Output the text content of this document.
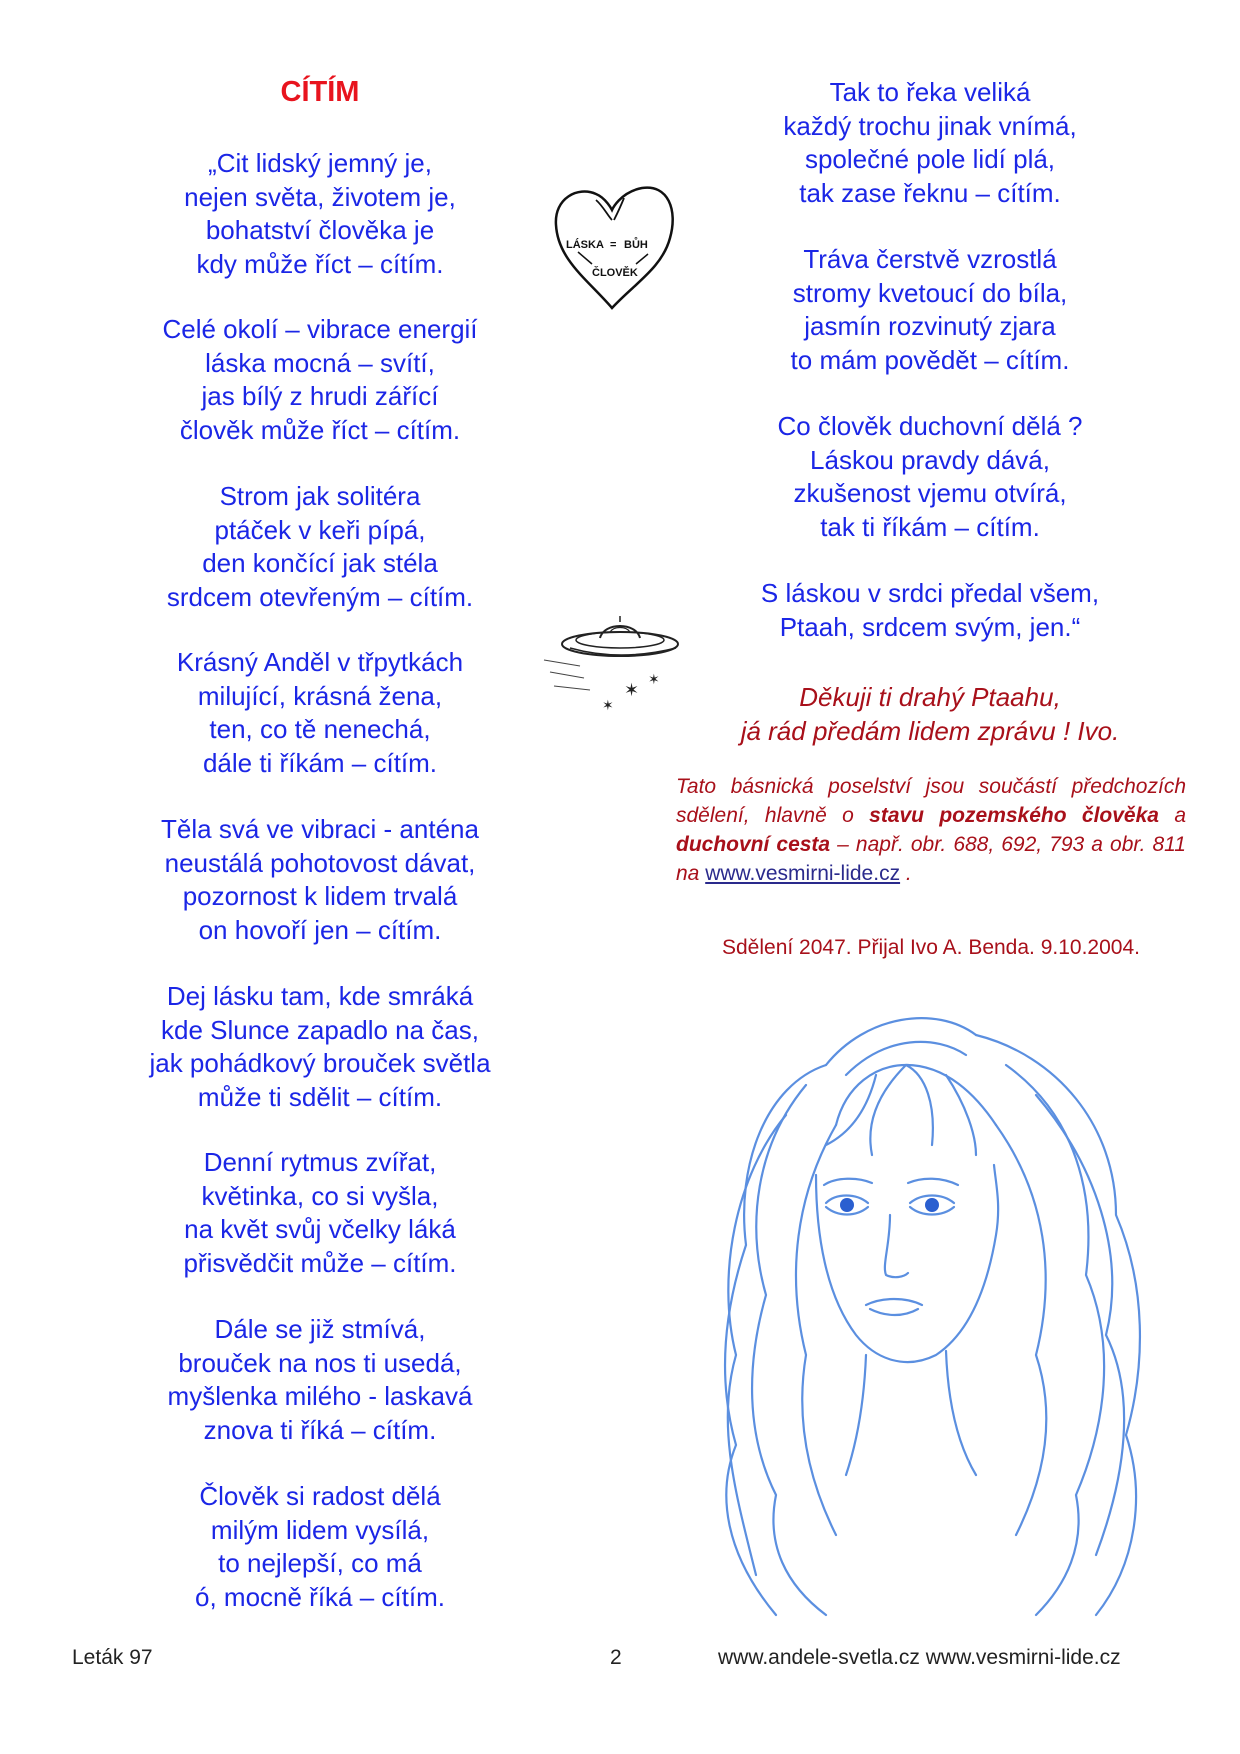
CÍTÍM
„Cit lidský jemný je,
nejen světa, životem je,
bohatství člověka je
kdy může říct – cítím.
Celé okolí – vibrace energií
láska mocná – svítí,
jas bílý z hrudi zářící
člověk může říct – cítím.
Strom jak solitéra
ptáček v keři pípá,
den končící jak stéla
srdcem otevřeným – cítím.
Krásný Anděl v třpytkách
milující, krásná žena,
ten, co tě nenechá,
dále ti říkám – cítím.
Těla svá ve vibraci - anténa
neustálá pohotovost dávat,
pozornost k lidem trvalá
on hovoří jen – cítím.
Dej lásku tam, kde smráká
kde Slunce zapadlo na čas,
jak pohádkový brouček světla
může ti sdělit – cítím.
Denní rytmus zvířat,
květinka, co si vyšla,
na květ svůj včelky láká
přisvědčit může – cítím.
Dále se již stmívá,
brouček na nos ti usedá,
myšlenka milého - laskavá
znova ti říká – cítím.
Člověk si radost dělá
milým lidem vysílá,
to nejlepší, co má
ó, mocně říká – cítím.
Děkuji ti drahý Ptaahu,
já rád předám lidem zprávu ! Ivo.
Tak to řeka veliká
každý trochu jinak vnímá,
společné pole lidí plá,
tak zase řeknu – cítím.
Tráva čerstvě vzrostlá
stromy kvetoucí do bíla,
jasmín rozvinutý zjara
to mám povědět – cítím.
Co člověk duchovní dělá ?
Láskou pravdy dává,
zkušenost vjemu otvírá,
tak ti říkám – cítím.
S láskou v srdci předal všem,
Ptaah, srdcem svým, jen.“
LÁSKA = BŮH
ČLOVĚK
✶
✶
✶
Tato básnická poselství jsou součástí předchozích sdělení, hlavně o stavu pozemského člověka a duchovní cesta – např. obr. 688, 692, 793 a obr. 811 na www.vesmirni-lide.cz .
Sdělení 2047. Přijal Ivo A. Benda. 9.10.2004.
Leták 97	2	www.andele-svetla.cz www.vesmirni-lide.cz
